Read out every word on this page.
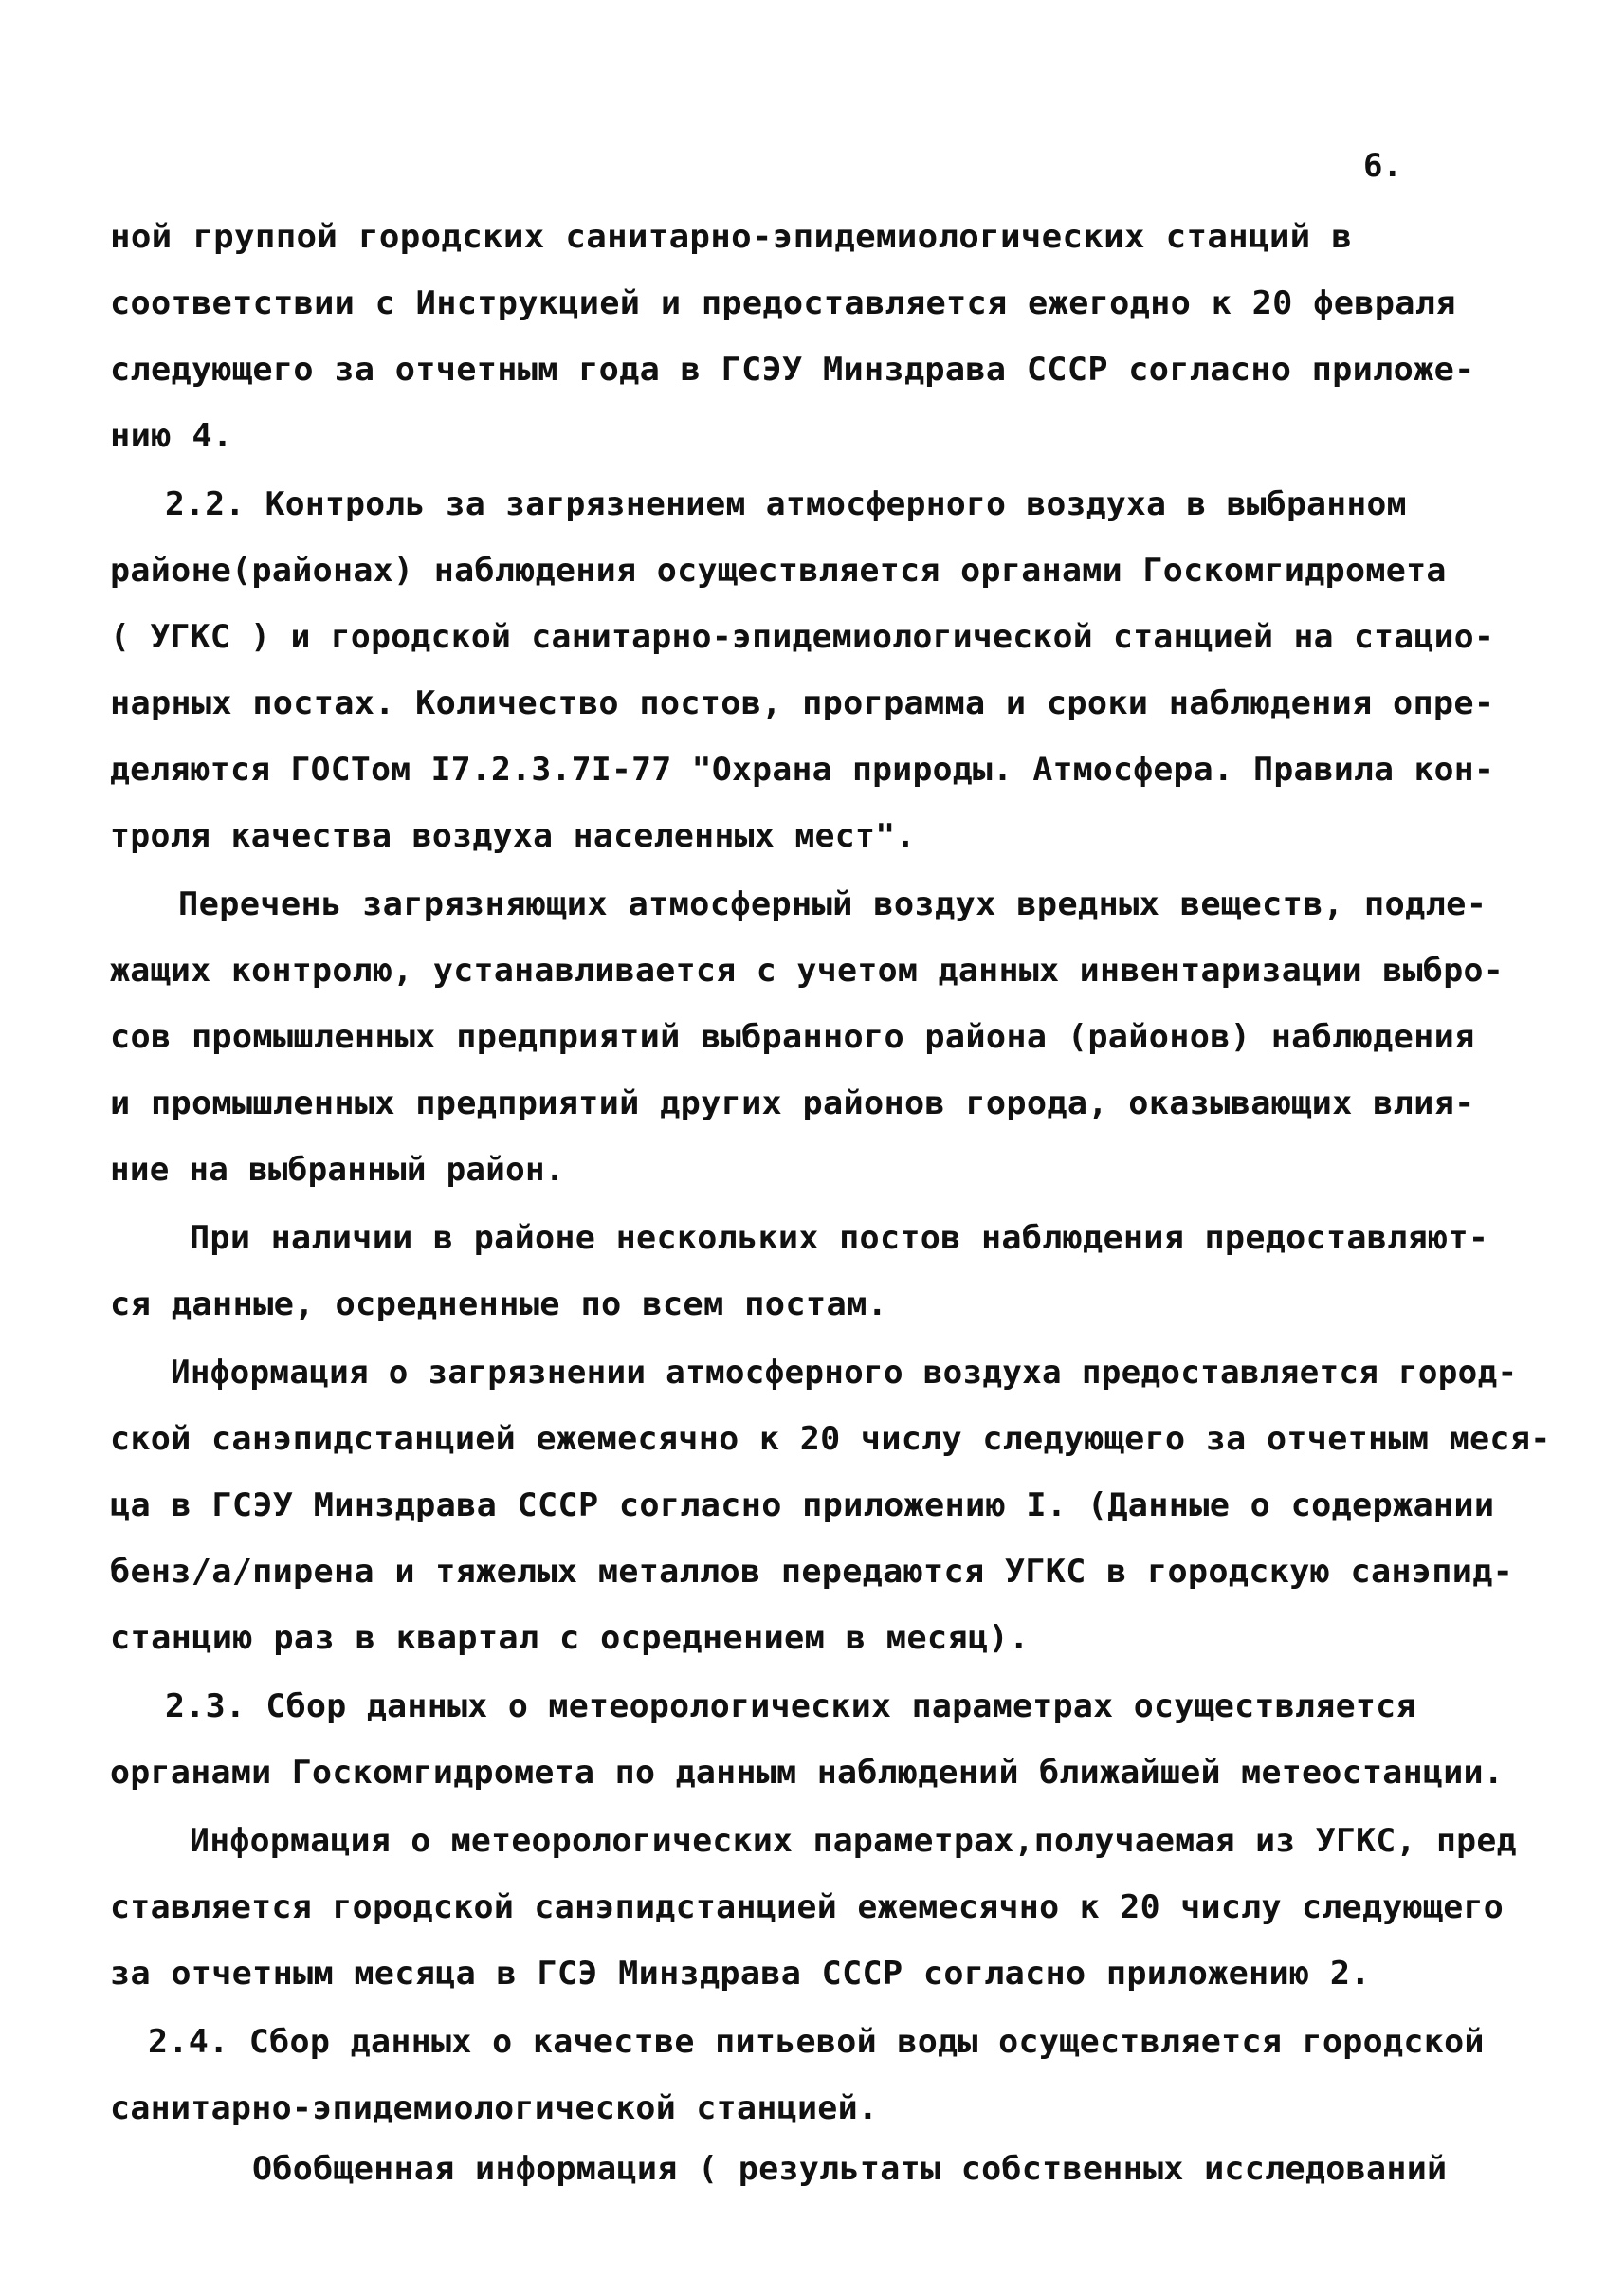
6.
ной группой городских санитарно-эпидемиологических станций в
соответствии с Инструкцией и предоставляется ежегодно к 20 февраля
следующего за отчетным года в ГСЭУ Минздрава СССР согласно приложе-
нию 4.
2.2. Контроль за загрязнением атмосферного воздуха в выбранном
районе(районах) наблюдения осуществляется органами Госкомгидромета
( УГКС ) и городской санитарно-эпидемиологической станцией на стацио-
нарных постах. Количество постов, программа и сроки наблюдения опре-
деляются ГОСТом I7.2.3.7I-77 "Охрана природы. Атмосфера. Правила кон-
троля качества воздуха населенных мест".
Перечень загрязняющих атмосферный воздух вредных веществ, подле-
жащих контролю, устанавливается с учетом данных инвентаризации выбро-
сов промышленных предприятий выбранного района (районов) наблюдения
и промышленных предприятий других районов города, оказывающих влия-
ние на выбранный район.
При наличии в районе нескольких постов наблюдения предоставляют-
ся данные, осредненные по всем постам.
Информация о загрязнении атмосферного воздуха предоставляется город-
ской санэпидстанцией ежемесячно к 20 числу следующего за отчетным меся-
ца в ГСЭУ Минздрава СССР согласно приложению I. (Данные о содержании
бенз/а/пирена и тяжелых металлов передаются УГКС в городскую санэпид-
станцию раз в квартал с осреднением в месяц).
2.3. Сбор данных о метеорологических параметрах осуществляется
органами Госкомгидромета по данным наблюдений ближайшей метеостанции.
Информация о метеорологических параметрах,получаемая из УГКС, пред
ставляется городской санэпидстанцией ежемесячно к 20 числу следующего
за отчетным месяца в ГСЭ Минздрава СССР согласно приложению 2.
2.4. Сбор данных о качестве питьевой воды осуществляется городской
санитарно-эпидемиологической станцией.
Обобщенная информация ( результаты собственных исследований
